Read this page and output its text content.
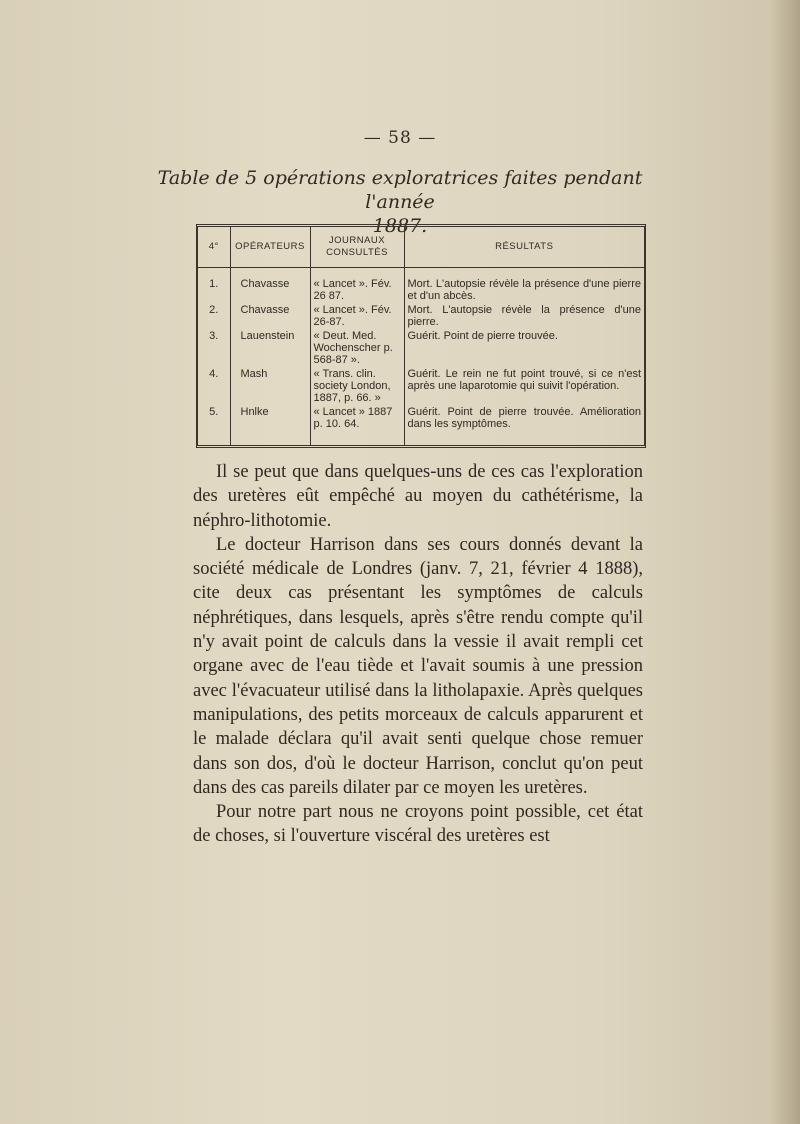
— 58 —
Table de 5 opérations exploratrices faites pendant l'année
1887.
4°	OPÉRATEURS	JOURNAUX CONSULTÉS	RÉSULTATS
1.	Chavasse	« Lancet ». Fév. 26 87.	Mort. L'autopsie révèle la présence d'une pierre et d'un abcès.
2.	Chavasse	« Lancet ». Fév. 26-87.	Mort. L'autopsie révèle la présence d'une pierre.
3.	Lauenstein	« Deut. Med. Wochenscher p. 568-87 ».	Guérit. Point de pierre trouvée.
4.	Mash	« Trans. clin. society London, 1887, p. 66. »	Guérit. Le rein ne fut point trouvé, si ce n'est après une laparotomie qui suivit l'opération.
5.	Hnlke	« Lancet » 1887 p. 10. 64.	Guérit. Point de pierre trouvée. Amélioration dans les symptômes.

Il se peut que dans quelques-uns de ces cas l'exploration des uretères eût empêché au moyen du cathétérisme, la néphro-lithotomie.

Le docteur Harrison dans ses cours donnés devant la société médicale de Londres (janv. 7, 21, février 4 1888), cite deux cas présentant les symptômes de calculs néphrétiques, dans lesquels, après s'être rendu compte qu'il n'y avait point de calculs dans la vessie il avait rempli cet organe avec de l'eau tiède et l'avait soumis à une pression avec l'évacuateur utilisé dans la litholapaxie. Après quelques manipulations, des petits morceaux de calculs apparurent et le malade déclara qu'il avait senti quelque chose remuer dans son dos, d'où le docteur Harrison, conclut qu'on peut dans des cas pareils dilater par ce moyen les uretères.

Pour notre part nous ne croyons point possible, cet état de choses, si l'ouverture viscéral des uretères est
